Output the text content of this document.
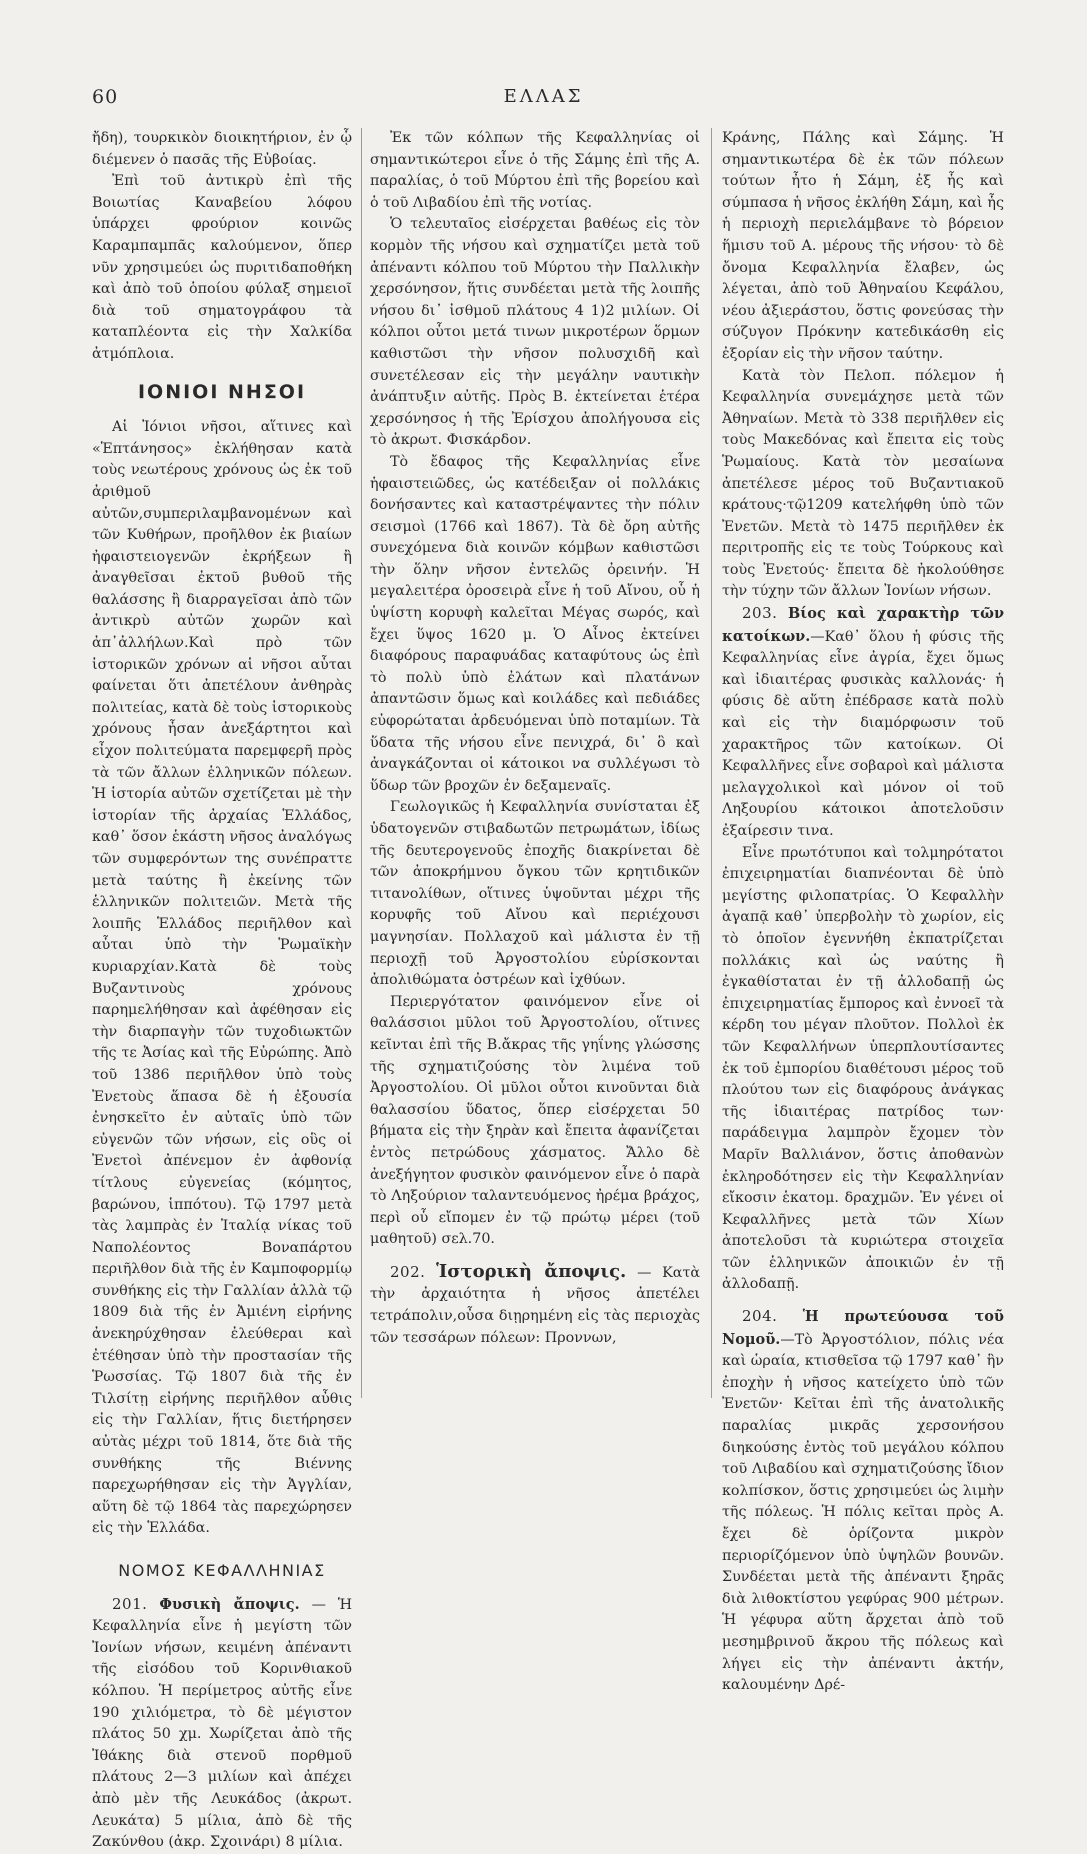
60	ΕΛΛΑΣ

ἤδη), τουρκικὸν διοικητήριον, ἐν ᾧ διέμενεν ὁ πασᾶς τῆς Εὐβοίας.

Ἐπὶ τοῦ ἀντικρὺ ἐπὶ τῆς Βοιωτίας Καναβείου λόφου ὑπάρχει φρούριον κοινῶς Καραμπαμπᾶς καλούμενον, ὅπερ νῦν χρησιμεύει ὡς πυριτιδαποθήκη καὶ ἀπὸ τοῦ ὁποίου φύλαξ σημειοῖ διὰ τοῦ σηματογράφου τὰ καταπλέοντα εἰς τὴν Χαλκίδα ἀτμόπλοια.

ΙΟΝΙΟΙ ΝΗΣΟΙ

Αἱ Ἰόνιοι νῆσοι, αἵτινες καὶ «Ἑπτάνησος» ἐκλήθησαν κατὰ τοὺς νεωτέρους χρόνους ὡς ἐκ τοῦ ἀριθμοῦ αὐτῶν,συμπεριλαμβανομένων καὶ τῶν Κυθήρων, προῆλθον ἐκ βιαίων ἠφαιστειογενῶν ἐκρήξεων ἢ ἀναγθεῖσαι ἐκτοῦ βυθοῦ τῆς θαλάσσης ἢ διαρραγεῖσαι ἀπὸ τῶν ἀντικρὺ αὐτῶν χωρῶν καὶ ἀπ᾽ἀλλήλων.Καὶ πρὸ τῶν ἱστορικῶν χρόνων αἱ νῆσοι αὗται φαίνεται ὅτι ἀπετέλουν ἀνθηρὰς πολιτείας, κατὰ δὲ τοὺς ἱστορικοὺς χρόνους ἦσαν ἀνεξάρτητοι καὶ εἶχον πολιτεύματα παρεμφερῆ πρὸς τὰ τῶν ἄλλων ἑλληνικῶν πόλεων. Ἡ ἱστορία αὐτῶν σχετίζεται μὲ τὴν ἱστορίαν τῆς ἀρχαίας Ἑλλάδος, καθ᾽ ὅσον ἑκάστη νῆσος ἀναλόγως τῶν συμφερόντων της συνέπραττε μετὰ ταύτης ἢ ἐκείνης τῶν ἑλληνικῶν πολιτειῶν. Μετὰ τῆς λοιπῆς Ἑλλάδος περιῆλθον καὶ αὗται ὑπὸ τὴν Ῥωμαϊκὴν κυριαρχίαν.Κατὰ δὲ τοὺς Βυζαντινοὺς χρόνους παρημελήθησαν καὶ ἀφέθησαν εἰς τὴν διαρπαγὴν τῶν τυχοδιωκτῶν τῆς τε Ἀσίας καὶ τῆς Εὐρώπης. Ἀπὸ τοῦ 1386 περιῆλθον ὑπὸ τοὺς Ἐνετοὺς ἅπασα δὲ ἡ ἐξουσία ἐνησκεῖτο ἐν αὐταῖς ὑπὸ τῶν εὐγενῶν τῶν νήσων, εἰς οὓς οἱ Ἐνετοὶ ἀπένεμον ἐν ἀφθονίᾳ τίτλους εὐγενείας (κόμητος, βαρώνου, ἱππότου). Τῷ 1797 μετὰ τὰς λαμπρὰς ἐν Ἰταλίᾳ νίκας τοῦ Ναπολέοντος Βοναπάρτου περιῆλθον διὰ τῆς ἐν Καμποφορμίῳ συνθήκης εἰς τὴν Γαλλίαν ἀλλὰ τῷ 1809 διὰ τῆς ἐν Ἀμιένη εἰρήνης ἀνεκηρύχθησαν ἐλεύθεραι καὶ ἐτέθησαν ὑπὸ τὴν προστασίαν τῆς Ῥωσσίας. Τῷ 1807 διὰ τῆς ἐν Τιλσίτῃ εἰρήνης περιῆλθον αὖθις εἰς τὴν Γαλλίαν, ἥτις διετήρησεν αὐτὰς μέχρι τοῦ 1814, ὅτε διὰ τῆς συνθήκης τῆς Βιέννης παρεχωρήθησαν εἰς τὴν Ἀγγλίαν, αὕτη δὲ τῷ 1864 τὰς παρεχώρησεν εἰς τὴν Ἑλλάδα.

ΝΟΜΟΣ ΚΕΦΑΛΛΗΝΙΑΣ

201. Φυσικὴ ἄποψις. — Ἡ Κεφαλληνία εἶνε ἡ μεγίστη τῶν Ἰονίων νήσων, κειμένη ἀπέναντι τῆς εἰσόδου τοῦ Κορινθιακοῦ κόλπου. Ἡ περίμετρος αὐτῆς εἶνε 190 χιλιόμετρα, τὸ δὲ μέγιστον πλάτος 50 χμ. Χωρίζεται ἀπὸ τῆς Ἰθάκης διὰ στενοῦ πορθμοῦ πλάτους 2—3 μιλίων καὶ ἀπέχει ἀπὸ μὲν τῆς Λευκάδος (ἀκρωτ. Λευκάτα) 5 μίλια, ἀπὸ δὲ τῆς Ζακύνθου (ἀκρ. Σχοινάρι) 8 μίλια.

Ἐκ τῶν κόλπων τῆς Κεφαλληνίας οἱ σημαντικώτεροι εἶνε ὁ τῆς Σάμης ἐπὶ τῆς Α. παραλίας, ὁ τοῦ Μύρτου ἐπὶ τῆς βορείου καὶ ὁ τοῦ Λιβαδίου ἐπὶ τῆς νοτίας.

Ὁ τελευταῖος εἰσέρχεται βαθέως εἰς τὸν κορμὸν τῆς νήσου καὶ σχηματίζει μετὰ τοῦ ἀπέναντι κόλπου τοῦ Μύρτου τὴν Παλλικὴν χερσόνησον, ἥτις συνδέεται μετὰ τῆς λοιπῆς νήσου δι᾽ ἰσθμοῦ πλάτους 4 1)2 μιλίων. Οἱ κόλποι οὗτοι μετά τινων μικροτέρων ὅρμων καθιστῶσι τὴν νῆσον πολυσχιδῆ καὶ συνετέλεσαν εἰς τὴν μεγάλην ναυτικὴν ἀνάπτυξιν αὐτῆς. Πρὸς Β. ἐκτείνεται ἑτέρα χερσόνησος ἡ τῆς Ἐρίσχου ἀπολήγουσα εἰς τὸ ἀκρωτ. Φισκάρδον.

Τὸ ἔδαφος τῆς Κεφαλληνίας εἶνε ἡφαιστειῶδες, ὡς κατέδειξαν οἱ πολλάκις δονήσαντες καὶ καταστρέψαντες τὴν πόλιν σεισμοὶ (1766 καὶ 1867). Τὰ δὲ ὄρη αὐτῆς συνεχόμενα διὰ κοινῶν κόμβων καθιστῶσι τὴν ὅλην νῆσον ἐντελῶς ὀρεινήν. Ἡ μεγαλειτέρα ὀροσειρὰ εἶνε ἡ τοῦ Αἴνου, οὗ ἡ ὑψίστη κορυφὴ καλεῖται Μέγας σωρός, καὶ ἔχει ὕψος 1620 μ. Ὁ Αἶνος ἐκτείνει διαφόρους παραφυάδας καταφύτους ὡς ἐπὶ τὸ πολὺ ὑπὸ ἐλάτων καὶ πλατάνων ἀπαντῶσιν ὅμως καὶ κοιλάδες καὶ πεδιάδες εὐφορώταται ἀρδευόμεναι ὑπὸ ποταμίων. Τὰ ὕδατα τῆς νήσου εἶνε πενιχρά, δι᾽ ὃ καὶ ἀναγκάζονται οἱ κάτοικοι να συλλέγωσι τὸ ὕδωρ τῶν βροχῶν ἐν δεξαμεναῖς.

Γεωλογικῶς ἡ Κεφαλληνία συνίσταται ἐξ ὑδατογενῶν στιβαδωτῶν πετρωμάτων, ἰδίως τῆς δευτερογενοῦς ἐποχῆς διακρίνεται δὲ τῶν ἀποκρήμνου ὄγκου τῶν κρητιδικῶν τιτανολίθων, οἵτινες ὑψοῦνται μέχρι τῆς κορυφῆς τοῦ Αἴνου καὶ περιέχουσι μαγνησίαν. Πολλαχοῦ καὶ μάλιστα ἐν τῇ περιοχῇ τοῦ Ἀργοστολίου εὑρίσκονται ἀπολιθώματα ὀστρέων καὶ ἰχθύων.

Περιεργότατον φαινόμενον εἶνε οἱ θαλάσσιοι μῦλοι τοῦ Ἀργοστολίου, οἵτινες κεῖνται ἐπὶ τῆς Β.ἄκρας τῆς γηΐνης γλώσσης τῆς σχηματιζούσης τὸν λιμένα τοῦ Ἀργοστολίου. Οἱ μῦλοι οὗτοι κινοῦνται διὰ θαλασσίου ὕδατος, ὅπερ εἰσέρχεται 50 βήματα εἰς τὴν ξηρὰν καὶ ἔπειτα ἀφανίζεται ἐντὸς πετρώδους χάσματος. Ἄλλο δὲ ἀνεξήγητον φυσικὸν φαινόμενον εἶνε ὁ παρὰ τὸ Ληξούριον ταλαντευόμενος ἠρέμα βράχος, περὶ οὗ εἴπομεν ἐν τῷ πρώτῳ μέρει (τοῦ μαθητοῦ) σελ.70.

202. Ἱστορικὴ ἄποψις. — Κατὰ τὴν ἀρχαιότητα ἡ νῆσος ἀπετέλει τετράπολιν,οὖσα διῃρημένη εἰς τὰς περιοχὰς τῶν τεσσάρων πόλεων: Προννων,

Κράνης, Πάλης καὶ Σάμης. Ἡ σημαντικωτέρα δὲ ἐκ τῶν πόλεων τούτων ἦτο ἡ Σάμη, ἐξ ἧς καὶ σύμπασα ἡ νῆσος ἐκλήθη Σάμη, καὶ ἧς ἡ περιοχὴ περιελάμβανε τὸ βόρειον ἥμισυ τοῦ Α. μέρους τῆς νήσου· τὸ δὲ ὄνομα Κεφαλληνία ἔλαβεν, ὡς λέγεται, ἀπὸ τοῦ Ἀθηναίου Κεφάλου, νέου ἀξιεράστου, ὅστις φονεύσας τὴν σύζυγον Πρόκνην κατεδικάσθη εἰς ἐξορίαν εἰς τὴν νῆσον ταύτην.

Κατὰ τὸν Πελοπ. πόλεμον ἡ Κεφαλληνία συνεμάχησε μετὰ τῶν Ἀθηναίων. Μετὰ τὸ 338 περιῆλθεν εἰς τοὺς Μακεδόνας καὶ ἔπειτα εἰς τοὺς Ῥωμαίους. Κατὰ τὸν μεσαίωνα ἀπετέλεσε μέρος τοῦ Βυζαντιακοῦ κράτους·τῷ1209 κατελήφθη ὑπὸ τῶν Ἐνετῶν. Μετὰ τὸ 1475 περιῆλθεν ἐκ περιτροπῆς εἰς τε τοὺς Τούρκους καὶ τοὺς Ἐνετούς· ἔπειτα δὲ ἠκολούθησε τὴν τύχην τῶν ἄλλων Ἰονίων νήσων.

203. Βίος καὶ χαρακτὴρ τῶν κατοίκων.—Καθ᾽ ὅλου ἡ φύσις τῆς Κεφαλληνίας εἶνε ἀγρία, ἔχει ὅμως καὶ ἰδιαιτέρας φυσικὰς καλλονάς· ἡ φύσις δὲ αὕτη ἐπέδρασε κατὰ πολὺ καὶ εἰς τὴν διαμόρφωσιν τοῦ χαρακτῆρος τῶν κατοίκων. Οἱ Κεφαλλῆνες εἶνε σοβαροὶ καὶ μάλιστα μελαγχολικοὶ καὶ μόνον οἱ τοῦ Ληξουρίου κάτοικοι ἀποτελοῦσιν ἐξαίρεσιν τινα.

Εἶνε πρωτότυποι καὶ τολμηρότατοι ἐπιχειρηματίαι διαπνέονται δὲ ὑπὸ μεγίστης φιλοπατρίας. Ὁ Κεφαλλὴν ἀγαπᾷ καθ᾽ ὑπερβολὴν τὸ χωρίον, εἰς τὸ ὁποῖον ἐγεννήθη ἐκπατρίζεται πολλάκις καὶ ὡς ναύτης ἢ ἐγκαθίσταται ἐν τῇ ἀλλοδαπῇ ὡς ἐπιχειρηματίας ἔμπορος καὶ ἐννοεῖ τὰ κέρδη του μέγαν πλοῦτον. Πολλοὶ ἐκ τῶν Κεφαλλήνων ὑπερπλουτίσαντες ἐκ τοῦ ἐμπορίου διαθέτουσι μέρος τοῦ πλούτου των εἰς διαφόρους ἀνάγκας τῆς ἰδιαιτέρας πατρίδος των· παράδειγμα λαμπρὸν ἔχομεν τὸν Μαρῖν Βαλλιάνον, ὅστις ἀποθανὼν ἐκληροδότησεν εἰς τὴν Κεφαλληνίαν εἴκοσιν ἑκατομ. δραχμῶν. Ἐν γένει οἱ Κεφαλλῆνες μετὰ τῶν Χίων ἀποτελοῦσι τὰ κυριώτερα στοιχεῖα τῶν ἑλληνικῶν ἀποικιῶν ἐν τῇ ἀλλοδαπῇ.

204. Ἡ πρωτεύουσα τοῦ Νομοῦ.—Τὸ Ἀργοστόλιον, πόλις νέα καὶ ὡραία, κτισθεῖσα τῷ 1797 καθ᾽ ἣν ἐποχὴν ἡ νῆσος κατείχετο ὑπὸ τῶν Ἐνετῶν· Κεῖται ἐπὶ τῆς ἀνατολικῆς παραλίας μικρᾶς χερσονήσου διηκούσης ἐντὸς τοῦ μεγάλου κόλπου τοῦ Λιβαδίου καὶ σχηματιζούσης ἴδιον κολπίσκον, ὅστις χρησιμεύει ὡς λιμὴν τῆς πόλεως. Ἡ πόλις κεῖται πρὸς Α. ἔχει δὲ ὁρίζοντα μικρὸν περιορίζόμενον ὑπὸ ὑψηλῶν βουνῶν. Συνδέεται μετὰ τῆς ἀπέναντι ξηρᾶς διὰ λιθοκτίστου γεφύρας 900 μέτρων. Ἡ γέφυρα αὕτη ἄρχεται ἀπὸ τοῦ μεσημβρινοῦ ἄκρου τῆς πόλεως καὶ λήγει εἰς τὴν ἀπέναντι ἀκτήν, καλουμένην Δρέ-
